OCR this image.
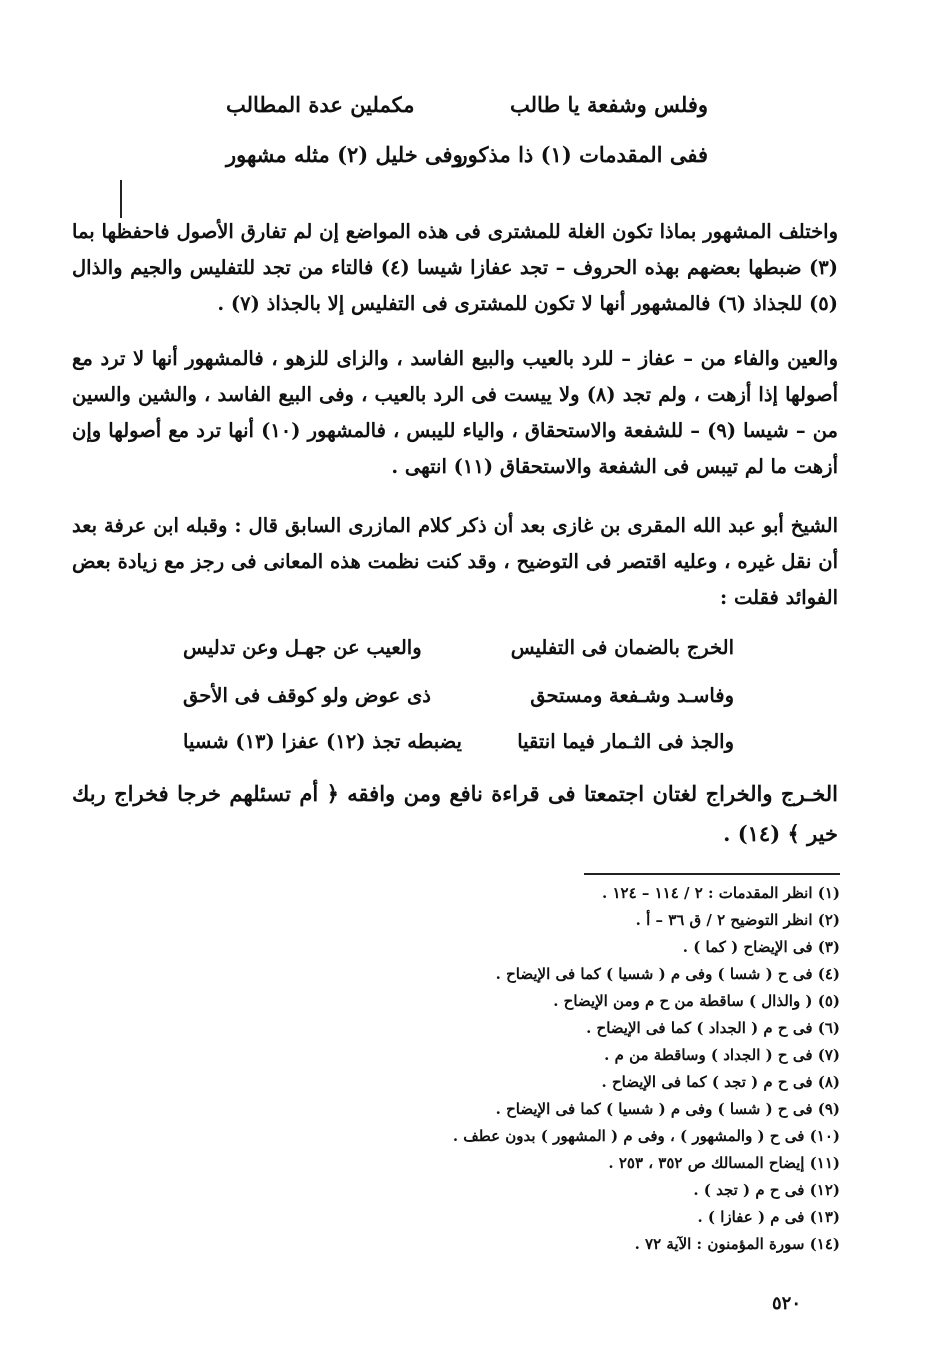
وفلس وشفعة يا طالب
مكملين عدة المطالب
ففى المقدمات (١) ذا مذكور
وفى خليل (٢) مثله مشهور
واختلف المشهور بماذا تكون الغلة للمشترى فى هذه المواضع إن لم تفارق الأصول فاحفظها بما (٣) ضبطها بعضهم بهذه الحروف – تجد عفازا شيسا (٤) فالتاء من تجد للتفليس والجيم والذال (٥) للجذاذ (٦) فالمشهور أنها لا تكون للمشترى فى التفليس إلا بالجذاذ (٧) .
والعين والفاء من – عفاز – للرد بالعيب والبيع الفاسد ، والزاى للزهو ، فالمشهور أنها لا ترد مع أصولها إذا أزهت ، ولم تجد (٨) ولا ييست فى الرد بالعيب ، وفى البيع الفاسد ، والشين والسين من – شيسا (٩) – للشفعة والاستحقاق ، والياء لليبس ، فالمشهور (١٠) أنها ترد مع أصولها وإن أزهت ما لم تيبس فى الشفعة والاستحقاق (١١) انتهى .
الشيخ أبو عبد الله المقرى بن غازى بعد أن ذكر كلام المازرى السابق قال : وقبله ابن عرفة بعد أن نقل غيره ، وعليه اقتصر فى التوضيح ، وقد كنت نظمت هذه المعانى فى رجز مع زيادة بعض الفوائد فقلت :
الخرج بالضمان فى التفليس
والعيب عن جهـل وعن تدليس
وفاسـد وشـفعة ومستحق
ذى عوض ولو كوقف فى الأحق
والجذ فى الثـمار فيما انتقيا
يضبطه تجذ (١٢) عفزا (١٣) شسيا
الخـرج والخراج لغتان اجتمعتا فى قراءة نافع ومن وافقه ﴿ أم تسئلهم خرجا فخراج ربك خير ﴾ (١٤) .
(١) انظر المقدمات : ٢ / ١١٤ – ١٢٤ .
(٢) انظر التوضيح ٢ / ق ٣٦ – أ .
(٣) فى الإيضاح ( كما ) .
(٤) فى ح ( شسا ) وفى م ( شسيا ) كما فى الإيضاح .
(٥) ( والذال ) ساقطة من ح م ومن الإيضاح .
(٦) فى ح م ( الجداد ) كما فى الإيضاح .
(٧) فى ح ( الجداد ) وساقطة من م .
(٨) فى ح م ( تجد ) كما فى الإيضاح .
(٩) فى ح ( شسا ) وفى م ( شسيا ) كما فى الإيضاح .
(١٠) فى ح ( والمشهور ) ، وفى م ( المشهور ) بدون عطف .
(١١) إيضاح المسالك ص ٣٥٢ ، ٢٥٣ .
(١٢) فى ح م ( تجد ) .
(١٣) فى م ( عفازا ) .
(١٤) سورة المؤمنون : الآية ٧٢ .
٥٢٠
